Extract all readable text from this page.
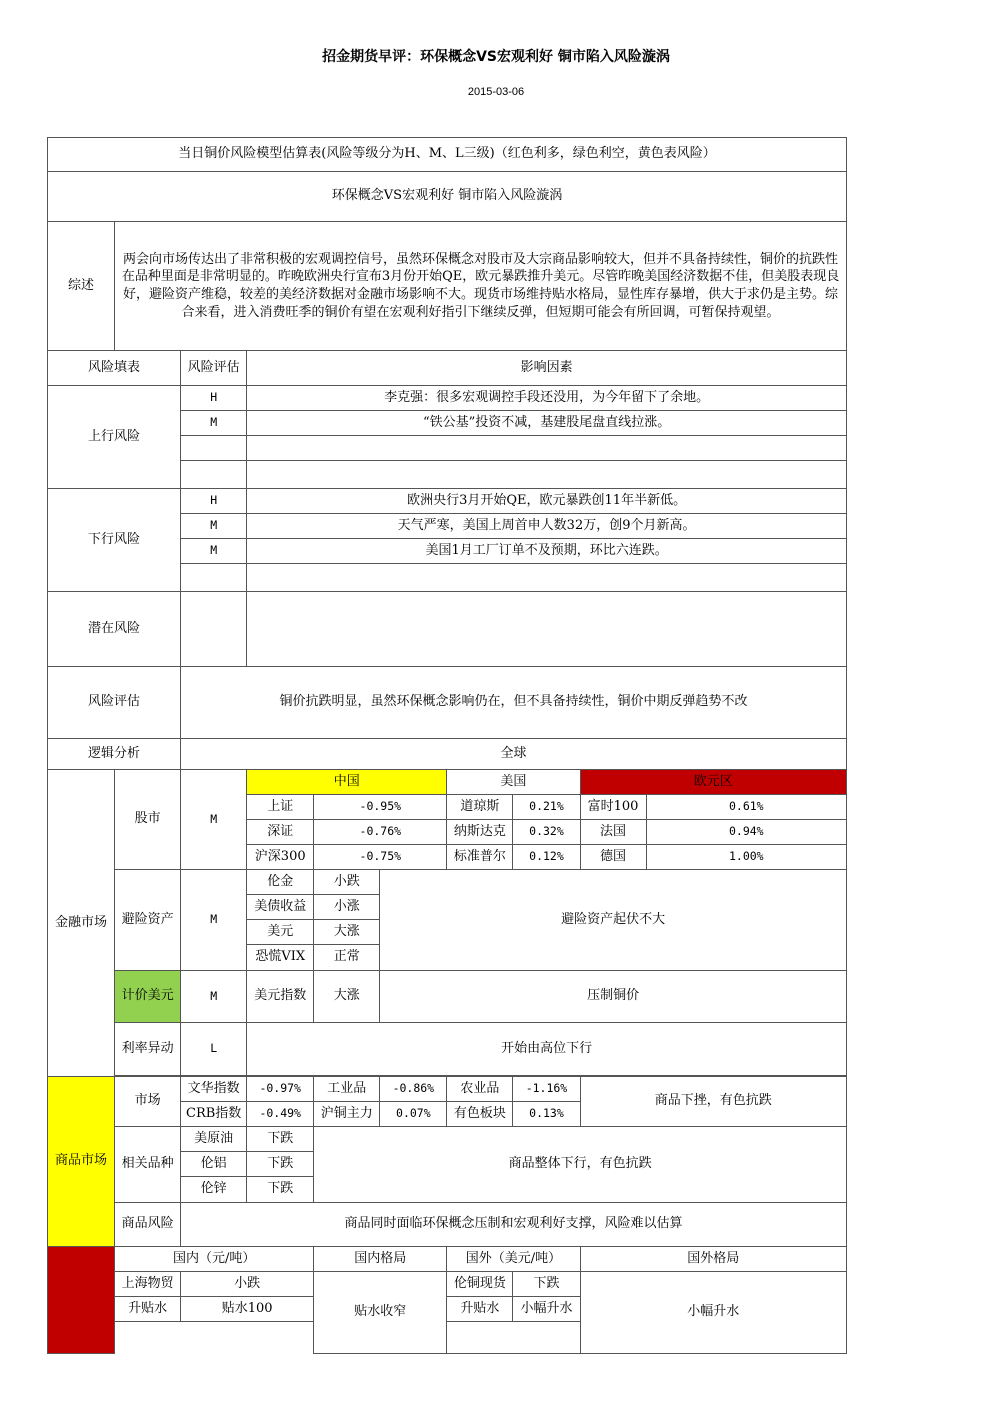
招金期货早评：环保概念VS宏观利好 铜市陷入风险漩涡
2015-03-06
当日铜价风险模型估算表(风险等级分为H、M、L三级)（红色利多，绿色利空，黄色表风险）									
环保概念VS宏观利好 铜市陷入风险漩涡									
综述	两会向市场传达出了非常积极的宏观调控信号，虽然环保概念对股市及大宗商品影响较大，但并不具备持续性，铜价的抗跌性在品种里面是非常明显的。昨晚欧洲央行宣布3月份开始QE，欧元暴跌推升美元。尽管昨晚美国经济数据不佳，但美股表现良好，避险资产维稳，较差的美经济数据对金融市场影响不大。现货市场维持贴水格局，显性库存暴增，供大于求仍是主势。综合来看，进入消费旺季的铜价有望在宏观利好指引下继续反弹，但短期可能会有所回调，可暂保持观望。								
风险填表		风险评估	影响因素						
上行风险		H	李克强：很多宏观调控手段还没用，为今年留下了余地。						
		M	“铁公基”投资不减，基建股尾盘直线拉涨。						

下行风险		H	欧洲央行3月开始QE，欧元暴跌创11年半新低。						
		M	天气严寒，美国上周首申人数32万，创9个月新高。						
		M	美国1月工厂订单不及预期，环比六连跌。						

潜在风险									
风险评估		铜价抗跌明显，虽然环保概念影响仍在，但不具备持续性，铜价中期反弹趋势不改							
逻辑分析		全球							
金融市场	股市	M	中国			美国		欧元区	
			上证	-0.95%		道琼斯	0.21%	富时100	0.61%
			深证	-0.76%		纳斯达克	0.32%	法国	0.94%
			沪深300	-0.75%		标准普尔	0.12%	德国	1.00%
	避险资产	M	伦金	小跌	避险资产起伏不大				
			美债收益	小涨					
			美元	大涨					
			恐慌VIX	正常					
	计价美元	M	美元指数	大涨	压制铜价				
	利率异动	L	开始由高位下行						

商品市场	市场	文华指数	-0.97%	工业品	-0.86%	农业品	-1.16%	商品下挫，有色抗跌	
		CRB指数	-0.49%	沪铜主力	0.07%	有色板块	0.13%		
	相关品种	美原油	下跌	商品整体下行，有色抗跌					
		伦铝	下跌						
		伦锌	下跌						
	商品风险	商品同时面临环保概念压制和宏观利好支撑，风险难以估算							
	国内（元/吨）			国内格局		国外（美元/吨）		国外格局	
	上海物贸	小跌		贴水收窄		伦铜现货	下跌	小幅升水	
	升贴水	贴水100				升贴水	小幅升水		
